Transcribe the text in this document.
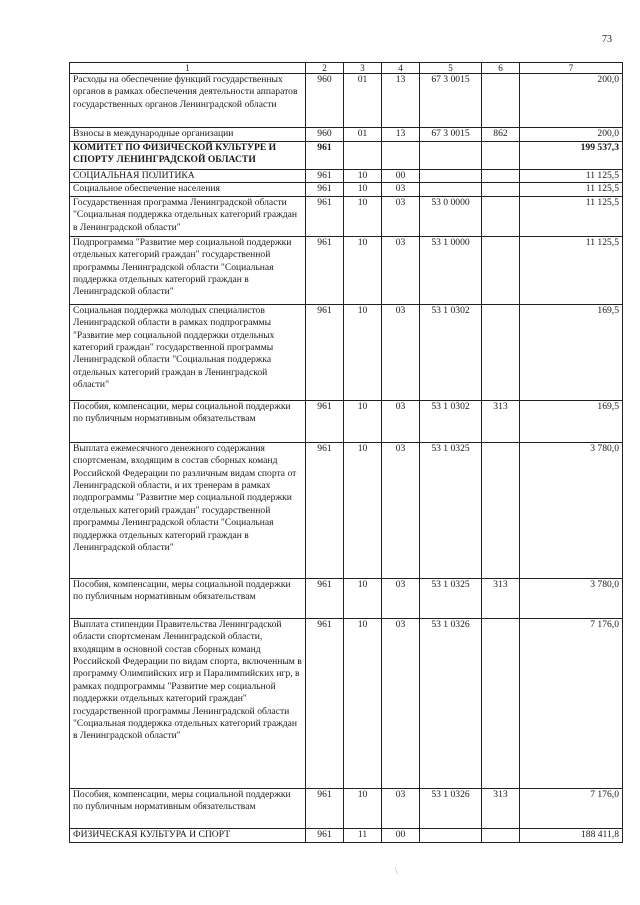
73
1	2	3	4	5	6	7
Расходы на обеспечение функций государственных органов в рамках обеспечения деятельности аппаратов государственных органов Ленинградской области	960	01	13	67 3 0015		200,0
Взносы в международные организации	960	01	13	67 3 0015	862	200,0
КОМИТЕТ ПО ФИЗИЧЕСКОЙ КУЛЬТУРЕ И СПОРТУ ЛЕНИНГРАДСКОЙ ОБЛАСТИ	961					199 537,3
СОЦИАЛЬНАЯ ПОЛИТИКА	961	10	00			11 125,5
Социальное обеспечение населения	961	10	03			11 125,5
Государственная программа Ленинградской области "Социальная поддержка отдельных категорий граждан в Ленинградской области"	961	10	03	53 0 0000		11 125,5
Подпрограмма "Развитие мер социальной поддержки отдельных категорий граждан" государственной программы Ленинградской области "Социальная поддержка отдельных категорий граждан в Ленинградской области"	961	10	03	53 1 0000		11 125,5
Социальная поддержка молодых специалистов Ленинградской области в рамках подпрограммы "Развитие мер социальной поддержки отдельных категорий граждан" государственной программы Ленинградской области "Социальная поддержка отдельных категорий граждан в Ленинградской области"	961	10	03	53 1 0302		169,5
Пособия, компенсации, меры социальной поддержки по публичным нормативным обязательствам	961	10	03	53 1 0302	313	169,5
Выплата ежемесячного денежного содержания спортсменам, входящим в состав сборных команд Российской Федерации по различным видам спорта от Ленинградской области, и их тренерам в рамках подпрограммы "Развитие мер социальной поддержки отдельных категорий граждан" государственной программы Ленинградской области "Социальная поддержка отдельных категорий граждан в Ленинградской области"	961	10	03	53 1 0325		3 780,0
Пособия, компенсации, меры социальной поддержки по публичным нормативным обязательствам	961	10	03	53 1 0325	313	3 780,0
Выплата стипендии Правительства Ленинградской области спортсменам Ленинградской области, входящим в основной состав сборных команд Российской Федерации по видам спорта, включенным в программу Олимпийских игр и Паралимпийских игр, в рамках подпрограммы "Развитие мер социальной поддержки отдельных категорий граждан" государственной программы Ленинградской области "Социальная поддержка отдельных категорий граждан в Ленинградской области"	961	10	03	53 1 0326		7 176,0
Пособия, компенсации, меры социальной поддержки по публичным нормативным обязательствам	961	10	03	53 1 0326	313	7 176,0
ФИЗИЧЕСКАЯ КУЛЬТУРА И СПОРТ	961	11	00			188 411,8
\
